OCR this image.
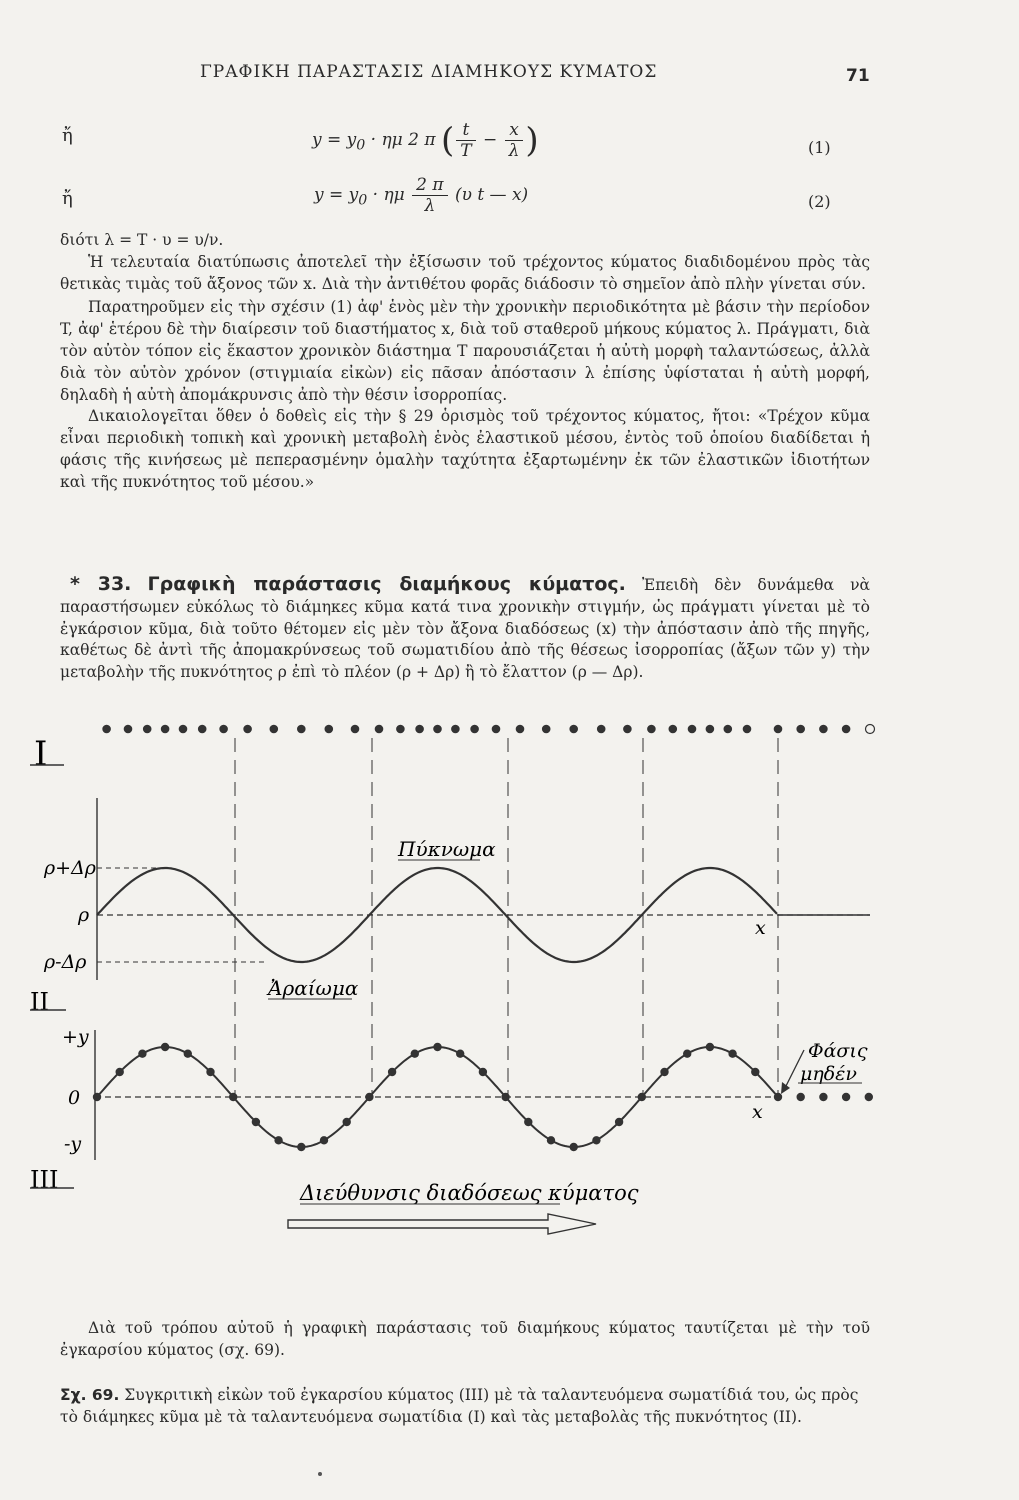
ΓΡΑΦΙΚΗ ΠΑΡΑΣΤΑΣΙΣ ΔΙΑΜΗΚΟΥΣ ΚΥΜΑΤΟΣ	71
ἤ	$y = y_0 \cdot \eta\mu$ 2 π ( $\frac{t}{T} - \frac{x}{\lambda}$ )	(1)
ἤ	$y = y_0 \cdot \eta\mu \frac{2 \pi}{\lambda} (\upsilon$ t — x)	(2)

διότι λ = T · υ = υ/ν.

Ἡ τελευταία διατύπωσις ἀποτελεῖ τὴν ἐξίσωσιν τοῦ τρέχοντος κύματος διαδιδομένου πρὸς τὰς θετικὰς τιμὰς τοῦ ἄξονος τῶν x. Διὰ τὴν ἀντιθέτου φορᾶς διάδοσιν τὸ σημεῖον ἀπὸ πλὴν γίνεται σύν.

Παρατηροῦμεν εἰς τὴν σχέσιν (1) ἀφ' ἑνὸς μὲν τὴν χρονικὴν περιοδικότητα μὲ βάσιν τὴν περίοδον T, ἀφ' ἑτέρου δὲ τὴν διαίρεσιν τοῦ διαστήματος x, διὰ τοῦ σταθεροῦ μήκους κύματος λ. Πράγματι, διὰ τὸν αὐτὸν τόπον εἰς ἕκαστον χρονικὸν διάστημα T παρουσιάζεται ἡ αὐτὴ μορφὴ ταλαντώσεως, ἀλλὰ διὰ τὸν αὐτὸν χρόνον (στιγμιαία εἰκὼν) εἰς πᾶσαν ἀπόστασιν λ ἐπίσης ὑφίσταται ἡ αὐτὴ μορφή, δηλαδὴ ἡ αὐτὴ ἀπομάκρυνσις ἀπὸ τὴν θέσιν ἰσορροπίας.

Δικαιολογεῖται ὅθεν ὁ δοθεὶς εἰς τὴν § 29 ὁρισμὸς τοῦ τρέχοντος κύματος, ἤτοι: «Τρέχον κῦμα εἶναι περιοδικὴ τοπικὴ καὶ χρονικὴ μεταβολὴ ἑνὸς ἐλαστικοῦ μέσου, ἐντὸς τοῦ ὁποίου διαδίδεται ἡ φάσις τῆς κινήσεως μὲ πεπερασμένην ὁμαλὴν ταχύτητα ἐξαρτωμένην ἐκ τῶν ἐλαστικῶν ἰδιοτήτων καὶ τῆς πυκνότητος τοῦ μέσου.»

* 33. Γραφικὴ παράστασις διαμήκους κύματος. Ἐπειδὴ δὲν δυνάμεθα νὰ παραστήσωμεν εὐκόλως τὸ διάμηκες κῦμα κατά τινα χρονικὴν στιγμήν, ὡς πράγματι γίνεται μὲ τὸ ἐγκάρσιον κῦμα, διὰ τοῦτο θέτομεν εἰς μὲν τὸν ἄξονα διαδόσεως (x) τὴν ἀπόστασιν ἀπὸ τῆς πηγῆς, καθέτως δὲ ἀντὶ τῆς ἀπομακρύνσεως τοῦ σωματιδίου ἀπὸ τῆς θέσεως ἰσορροπίας (ἄξων τῶν y) τὴν μεταβολὴν τῆς πυκνότητος ρ ἐπὶ τὸ πλέον (ρ + Δρ) ἢ τὸ ἔλαττον (ρ — Δρ).

I
II
III
ρ+Δρ
ρ
ρ-Δρ
Πύκνωμα
Ἀραίωμα
x
+y
0
-y
x
Φάσις
μηδέν
Διεύθυνσις διαδόσεως κύματος
Σχ. 69. Συγκριτικὴ εἰκὼν τοῦ ἐγκαρσίου κύματος (III) μὲ τὰ ταλαντευόμενα σωματίδιά του, ὡς πρὸς τὸ διάμηκες κῦμα μὲ τὰ ταλαντευόμενα σωματίδια (I) καὶ τὰς μεταβολὰς τῆς πυκνότητος (II).

Διὰ τοῦ τρόπου αὐτοῦ ἡ γραφικὴ παράστασις τοῦ διαμήκους κύματος ταυτίζεται μὲ τὴν τοῦ ἐγκαρσίου κύματος (σχ. 69).
